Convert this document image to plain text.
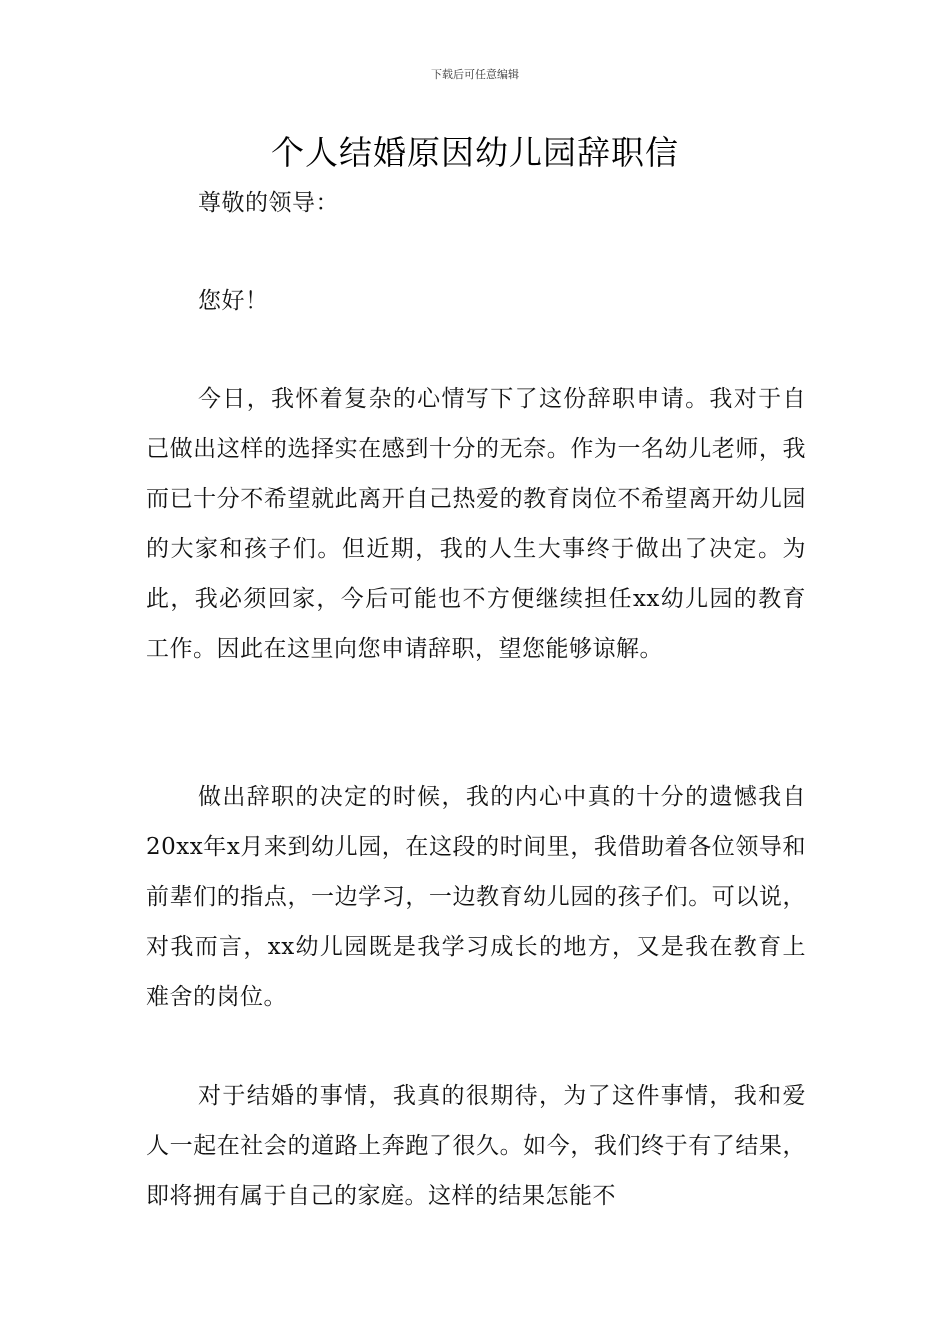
下载后可任意编辑
个人结婚原因幼儿园辞职信

尊敬的领导：

您好！

今日，我怀着复杂的心情写下了这份辞职申请。我对于自己做出这样的选择实在感到十分的无奈。作为一名幼儿老师，我而已十分不希望就此离开自己热爱的教育岗位不希望离开幼儿园的大家和孩子们。但近期，我的人生大事终于做出了决定。为此，我必须回家，今后可能也不方便继续担任xx幼儿园的教育工作。因此在这里向您申请辞职，望您能够谅解。

做出辞职的决定的时候，我的内心中真的十分的遗憾我自20xx年x月来到幼儿园，在这段的时间里，我借助着各位领导和前辈们的指点，一边学习，一边教育幼儿园的孩子们。可以说，对我而言，xx幼儿园既是我学习成长的地方，又是我在教育上难舍的岗位。

对于结婚的事情，我真的很期待，为了这件事情，我和爱人一起在社会的道路上奔跑了很久。如今，我们终于有了结果，即将拥有属于自己的家庭。这样的结果怎能不
